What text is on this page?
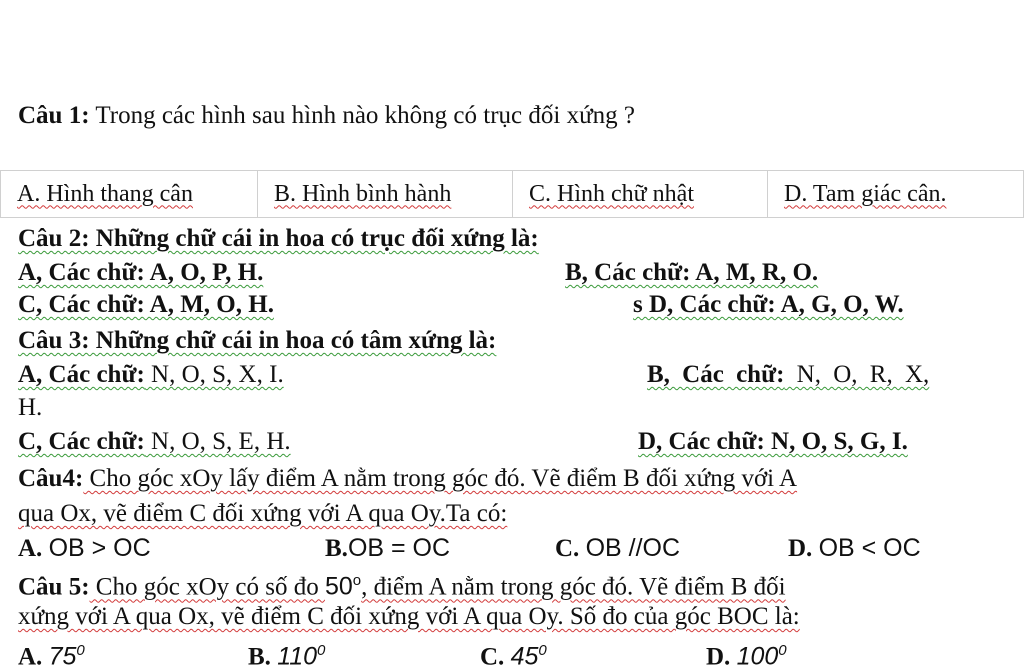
Câu 1: Trong các hình sau hình nào không có trục đối xứng ?
A. Hình thang cân	B. Hình bình hành	C. Hình chữ nhật	D. Tam giác cân.
Câu 2: Những chữ cái in hoa có trục đối xứng là:
A, Các chữ: A, O, P, H.	B, Các chữ: A, M, R, O.
C, Các chữ: A, M, O, H.	s D, Các chữ: A, G, O, W.
Câu 3: Những chữ cái in hoa có tâm xứng là:
A, Các chữ: N, O, S, X, I.	B, Các chữ: N, O, R, X,
H.
C, Các chữ: N, O, S, E, H.	D, Các chữ: N, O, S, G, I.
Câu4: Cho góc xOy lấy điểm A nằm trong góc đó. Vẽ điểm B đối xứng với A
qua Ox, vẽ điểm C đối xứng với A qua Oy.Ta có:
A. OB > OC	B.OB = OC	C. OB //OC	D. OB < OC
Câu 5: Cho góc xOy có số đo 50$^o$, điểm A nằm trong góc đó. Vẽ điểm B đối
xứng với A qua Ox, vẽ điểm C đối xứng với A qua Oy. Số đo của góc BOC là:
A. $75^0$	B. $110^0$	C. $45^0$	D. $100^0$
